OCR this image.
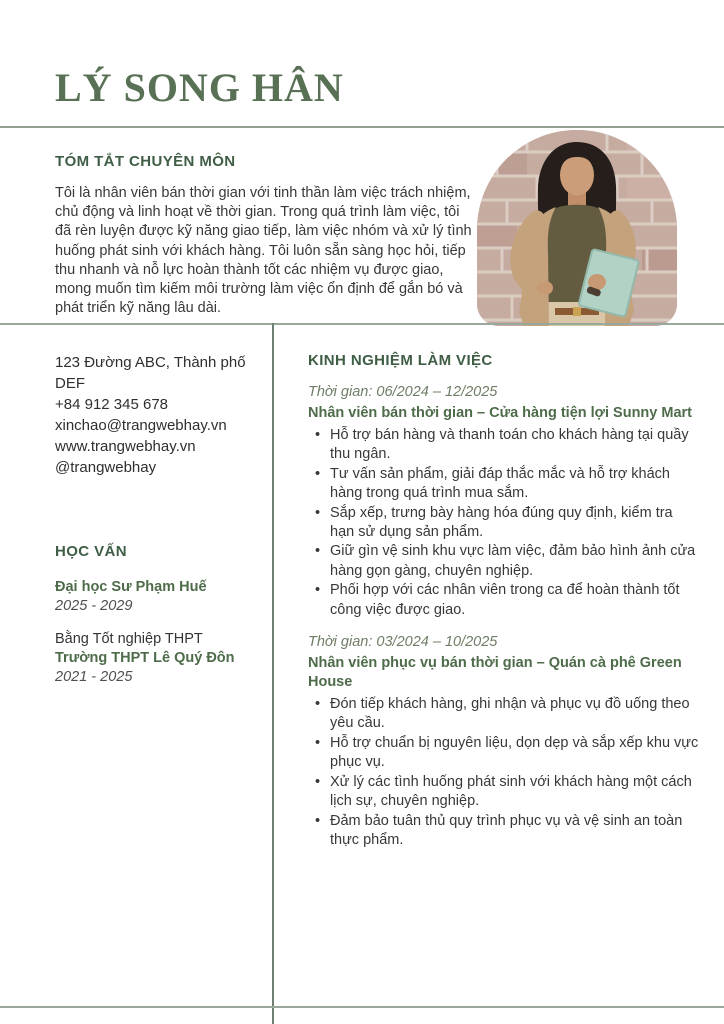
LÝ SONG HÂN
TÓM TẮT CHUYÊN MÔN

Tôi là nhân viên bán thời gian với tinh thần làm việc trách nhiệm, chủ động và linh hoạt về thời gian. Trong quá trình làm việc, tôi đã rèn luyện được kỹ năng giao tiếp, làm việc nhóm và xử lý tình huống phát sinh với khách hàng. Tôi luôn sẵn sàng học hỏi, tiếp thu nhanh và nỗ lực hoàn thành tốt các nhiệm vụ được giao, mong muốn tìm kiếm môi trường làm việc ổn định để gắn bó và phát triển kỹ năng lâu dài.

123 Đường ABC, Thành phố DEF
+84 912 345 678
xinchao@trangwebhay.vn
www.trangwebhay.vn
@trangwebhay
HỌC VẤN
Đại học Sư Phạm Huế
2025 - 2029
Bằng Tốt nghiệp THPT
Trường THPT Lê Quý Đôn
2021 - 2025
KINH NGHIỆM LÀM VIỆC
Thời gian: 06/2024 – 12/2025
Nhân viên bán thời gian – Cửa hàng tiện lợi Sunny Mart
• Hỗ trợ bán hàng và thanh toán cho khách hàng tại quầy thu ngân.
• Tư vấn sản phẩm, giải đáp thắc mắc và hỗ trợ khách hàng trong quá trình mua sắm.
• Sắp xếp, trưng bày hàng hóa đúng quy định, kiểm tra hạn sử dụng sản phẩm.
• Giữ gìn vệ sinh khu vực làm việc, đảm bảo hình ảnh cửa hàng gọn gàng, chuyên nghiệp.
• Phối hợp với các nhân viên trong ca để hoàn thành tốt công việc được giao.
Thời gian: 03/2024 – 10/2025
Nhân viên phục vụ bán thời gian – Quán cà phê Green House
• Đón tiếp khách hàng, ghi nhận và phục vụ đồ uống theo yêu cầu.
• Hỗ trợ chuẩn bị nguyên liệu, dọn dẹp và sắp xếp khu vực phục vụ.
• Xử lý các tình huống phát sinh với khách hàng một cách lịch sự, chuyên nghiệp.
• Đảm bảo tuân thủ quy trình phục vụ và vệ sinh an toàn thực phẩm.
